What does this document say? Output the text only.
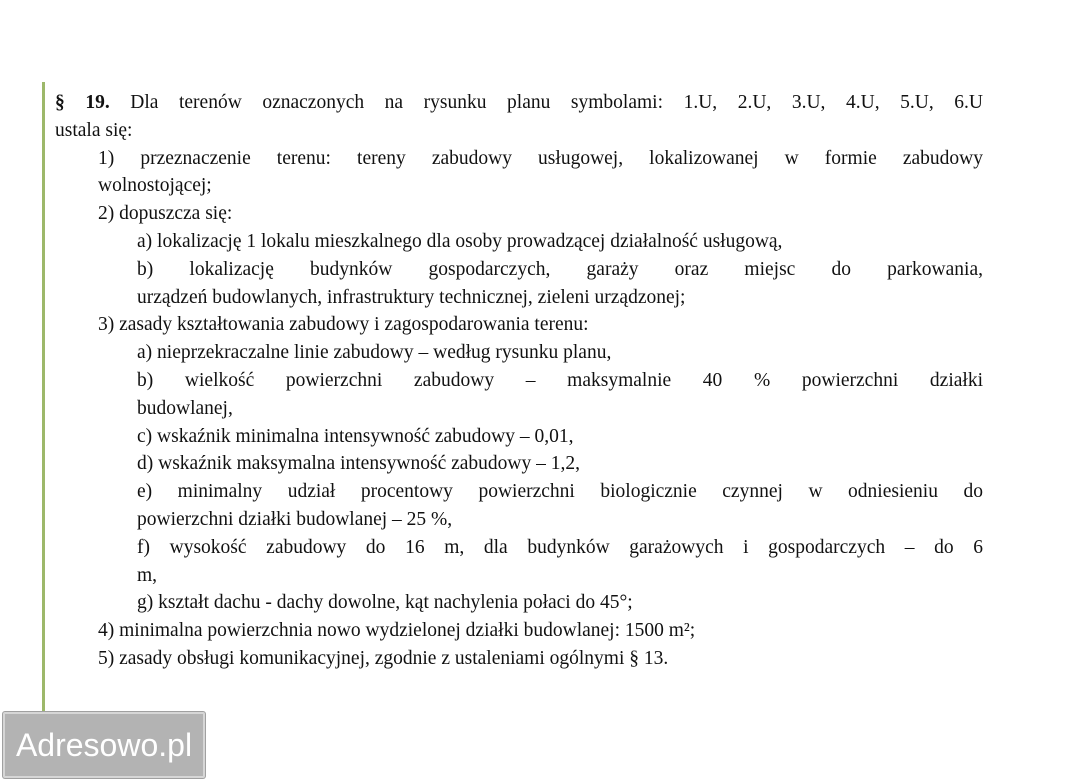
§ 19. Dla terenów oznaczonych na rysunku planu symbolami: 1.U, 2.U, 3.U, 4.U, 5.U, 6.U
ustala się:
1) przeznaczenie terenu: tereny zabudowy usługowej, lokalizowanej w formie zabudowy
wolnostojącej;
2) dopuszcza się:
a) lokalizację 1 lokalu mieszkalnego dla osoby prowadzącej działalność usługową,
b) lokalizację budynków gospodarczych, garaży oraz miejsc do parkowania,
urządzeń budowlanych, infrastruktury technicznej, zieleni urządzonej;
3) zasady kształtowania zabudowy i zagospodarowania terenu:
a) nieprzekraczalne linie zabudowy – według rysunku planu,
b) wielkość powierzchni zabudowy – maksymalnie 40 % powierzchni działki
budowlanej,
c) wskaźnik minimalna intensywność zabudowy – 0,01,
d) wskaźnik maksymalna intensywność zabudowy – 1,2,
e) minimalny udział procentowy powierzchni biologicznie czynnej w odniesieniu do
powierzchni działki budowlanej – 25 %,
f) wysokość zabudowy do 16 m, dla budynków garażowych i gospodarczych – do 6
m,
g) kształt dachu - dachy dowolne, kąt nachylenia połaci do 45°;
4) minimalna powierzchnia nowo wydzielonej działki budowlanej: 1500 m²;
5) zasady obsługi komunikacyjnej, zgodnie z ustaleniami ogólnymi § 13.
Adresowo.pl
